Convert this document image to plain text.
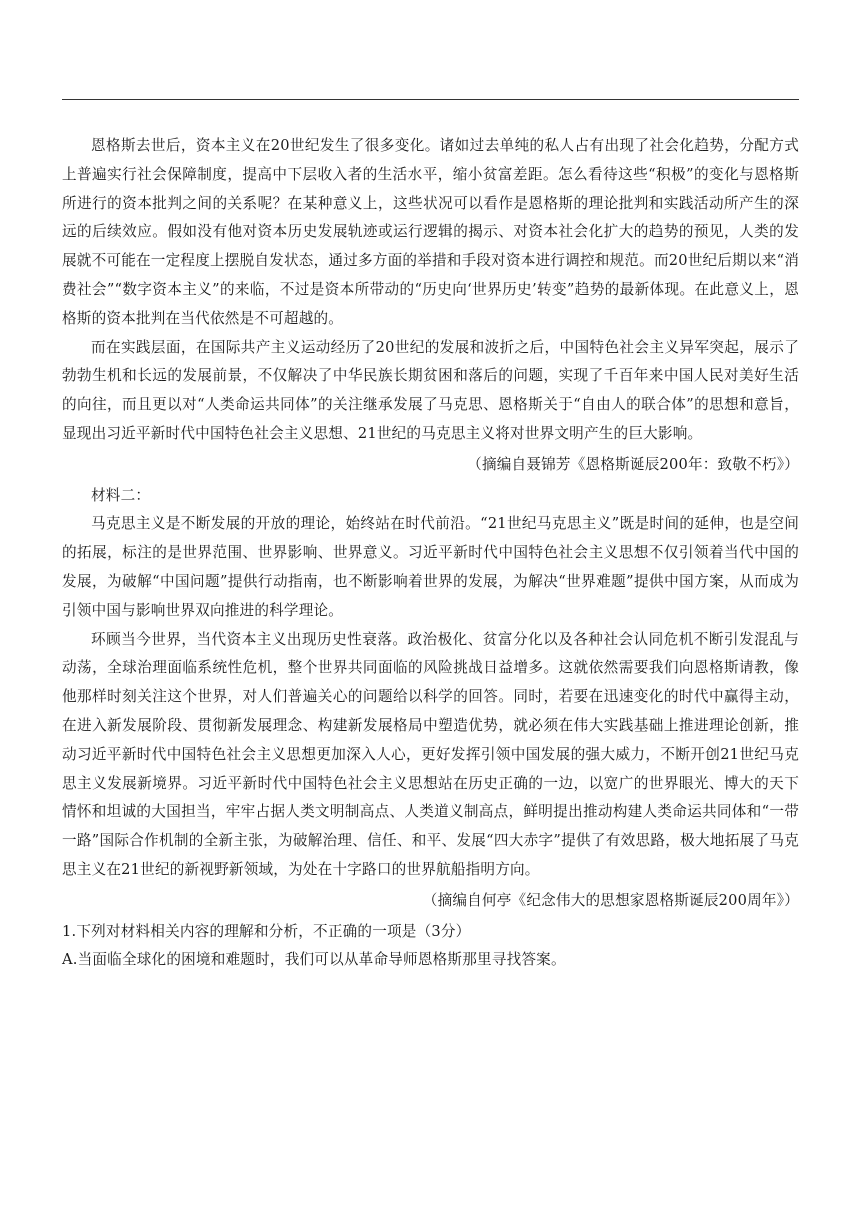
恩格斯去世后，资本主义在20世纪发生了很多变化。诸如过去单纯的私人占有出现了社会化趋势，分配方式上普遍实行社会保障制度，提高中下层收入者的生活水平，缩小贫富差距。怎么看待这些“积极”的变化与恩格斯所进行的资本批判之间的关系呢？在某种意义上，这些状况可以看作是恩格斯的理论批判和实践活动所产生的深远的后续效应。假如没有他对资本历史发展轨迹或运行逻辑的揭示、对资本社会化扩大的趋势的预见，人类的发展就不可能在一定程度上摆脱自发状态，通过多方面的举措和手段对资本进行调控和规范。而20世纪后期以来“消费社会”“数字资本主义”的来临，不过是资本所带动的“历史向‘世界历史’转变”趋势的最新体现。在此意义上，恩格斯的资本批判在当代依然是不可超越的。

而在实践层面，在国际共产主义运动经历了20世纪的发展和波折之后，中国特色社会主义异军突起，展示了勃勃生机和长远的发展前景，不仅解决了中华民族长期贫困和落后的问题，实现了千百年来中国人民对美好生活的向往，而且更以对“人类命运共同体”的关注继承发展了马克思、恩格斯关于“自由人的联合体”的思想和意旨，显现出习近平新时代中国特色社会主义思想、21世纪的马克思主义将对世界文明产生的巨大影响。

（摘编自聂锦芳《恩格斯诞辰200年：致敬不朽》）

材料二：

马克思主义是不断发展的开放的理论，始终站在时代前沿。“21世纪马克思主义”既是时间的延伸，也是空间的拓展，标注的是世界范围、世界影响、世界意义。习近平新时代中国特色社会主义思想不仅引领着当代中国的发展，为破解“中国问题”提供行动指南，也不断影响着世界的发展，为解决“世界难题”提供中国方案，从而成为引领中国与影响世界双向推进的科学理论。

环顾当今世界，当代资本主义出现历史性衰落。政治极化、贫富分化以及各种社会认同危机不断引发混乱与动荡，全球治理面临系统性危机，整个世界共同面临的风险挑战日益增多。这就依然需要我们向恩格斯请教，像他那样时刻关注这个世界，对人们普遍关心的问题给以科学的回答。同时，若要在迅速变化的时代中赢得主动，在进入新发展阶段、贯彻新发展理念、构建新发展格局中塑造优势，就必须在伟大实践基础上推进理论创新，推动习近平新时代中国特色社会主义思想更加深入人心，更好发挥引领中国发展的强大威力，不断开创21世纪马克思主义发展新境界。习近平新时代中国特色社会主义思想站在历史正确的一边，以宽广的世界眼光、博大的天下情怀和坦诚的大国担当，牢牢占据人类文明制高点、人类道义制高点，鲜明提出推动构建人类命运共同体和“一带一路”国际合作机制的全新主张，为破解治理、信任、和平、发展“四大赤字”提供了有效思路，极大地拓展了马克思主义在21世纪的新视野新领域，为处在十字路口的世界航船指明方向。

（摘编自何亭《纪念伟大的思想家恩格斯诞辰200周年》）

1.下列对材料相关内容的理解和分析，不正确的一项是（3分）

A.当面临全球化的困境和难题时，我们可以从革命导师恩格斯那里寻找答案。
